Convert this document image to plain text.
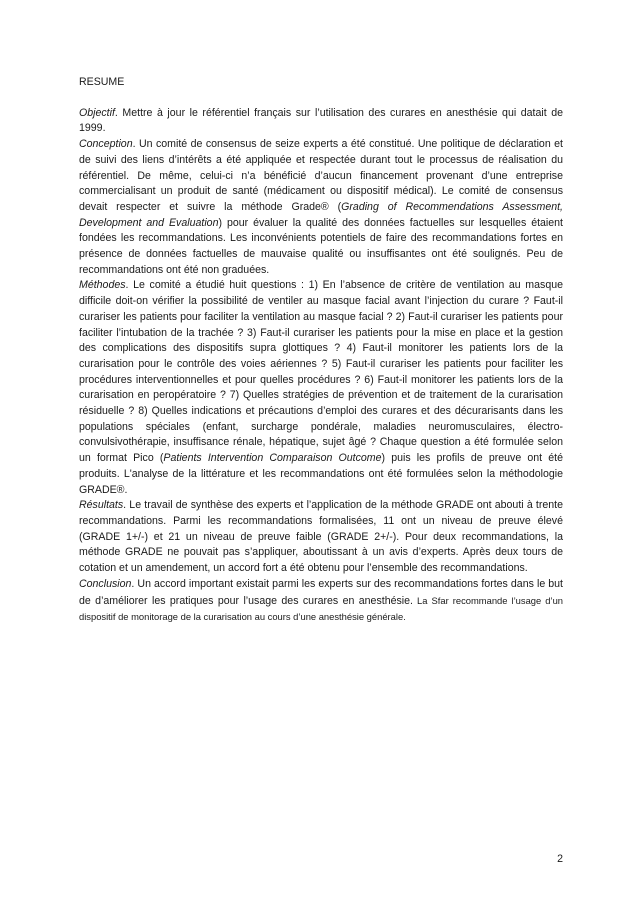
RESUME

Objectif. Mettre à jour le référentiel français sur l’utilisation des curares en anesthésie qui datait de 1999.

Conception. Un comité de consensus de seize experts a été constitué. Une politique de déclaration et de suivi des liens d’intérêts a été appliquée et respectée durant tout le processus de réalisation du référentiel. De même, celui-ci n’a bénéficié d’aucun financement provenant d’une entreprise commercialisant un produit de santé (médicament ou dispositif médical). Le comité de consensus devait respecter et suivre la méthode Grade® (Grading of Recommendations Assessment, Development and Evaluation) pour évaluer la qualité des données factuelles sur lesquelles étaient fondées les recommandations. Les inconvénients potentiels de faire des recommandations fortes en présence de données factuelles de mauvaise qualité ou insuffisantes ont été soulignés. Peu de recommandations ont été non graduées.

Méthodes. Le comité a étudié huit questions : 1) En l’absence de critère de ventilation au masque difficile doit-on vérifier la possibilité de ventiler au masque facial avant l’injection du curare ? Faut-il curariser les patients pour faciliter la ventilation au masque facial ? 2) Faut-il curariser les patients pour faciliter l’intubation de la trachée ? 3) Faut-il curariser les patients pour la mise en place et la gestion des complications des dispositifs supra glottiques ? 4) Faut-il monitorer les patients lors de la curarisation pour le contrôle des voies aériennes ? 5) Faut-il curariser les patients pour faciliter les procédures interventionnelles et pour quelles procédures ? 6) Faut-il monitorer les patients lors de la curarisation en peropératoire ? 7) Quelles stratégies de prévention et de traitement de la curarisation résiduelle ? 8) Quelles indications et précautions d’emploi des curares et des décurarisants dans les populations spéciales (enfant, surcharge pondérale, maladies neuromusculaires, électro-convulsivothérapie, insuffisance rénale, hépatique, sujet âgé ? Chaque question a été formulée selon un format Pico (Patients Intervention Comparaison Outcome) puis les profils de preuve ont été produits. L'analyse de la littérature et les recommandations ont été formulées selon la méthodologie GRADE®.

Résultats. Le travail de synthèse des experts et l’application de la méthode GRADE ont abouti à trente recommandations. Parmi les recommandations formalisées, 11 ont un niveau de preuve élevé (GRADE 1+/-) et 21 un niveau de preuve faible (GRADE 2+/-). Pour deux recommandations, la méthode GRADE ne pouvait pas s’appliquer, aboutissant à un avis d’experts. Après deux tours de cotation et un amendement, un accord fort a été obtenu pour l’ensemble des recommandations.

Conclusion. Un accord important existait parmi les experts sur des recommandations fortes dans le but de d’améliorer les pratiques pour l’usage des curares en anesthésie. La Sfar recommande l’usage d’un dispositif de monitorage de la curarisation au cours d’une anesthésie générale.

2
